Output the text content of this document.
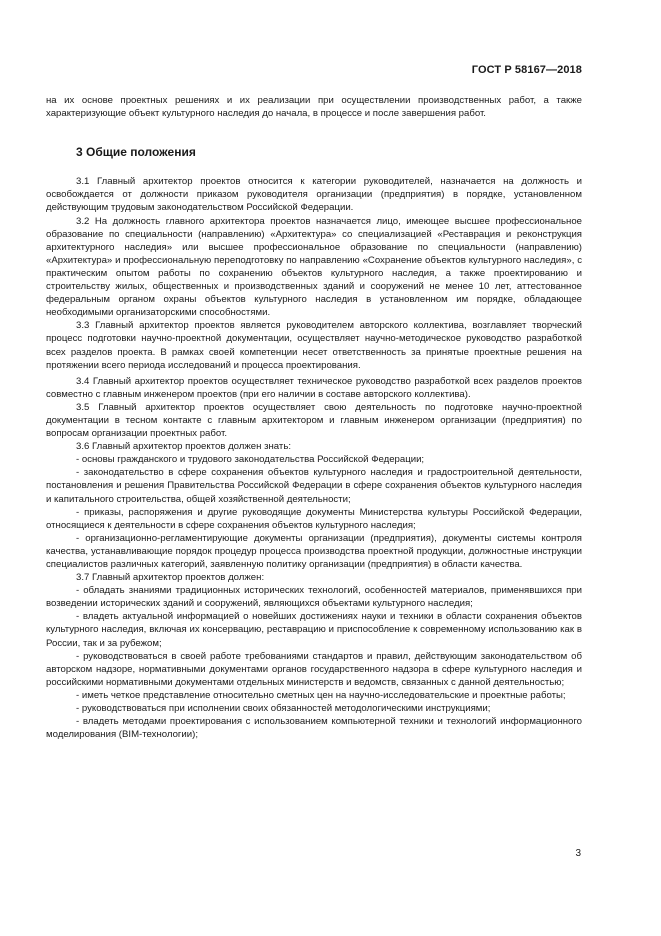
ГОСТ Р 58167—2018

на их основе проектных решениях и их реализации при осуществлении производственных работ, а также характеризующие объект культурного наследия до начала, в процессе и после завершения работ.

3 Общие положения

3.1 Главный архитектор проектов относится к категории руководителей, назначается на должность и освобождается от должности приказом руководителя организации (предприятия) в порядке, установленном действующим трудовым законодательством Российской Федерации.

3.2 На должность главного архитектора проектов назначается лицо, имеющее высшее профессиональное образование по специальности (направлению) «Архитектура» со специализацией «Реставрация и реконструкция архитектурного наследия» или высшее профессиональное образование по специальности (направлению) «Архитектура» и профессиональную переподготовку по направлению «Сохранение объектов культурного наследия», с практическим опытом работы по сохранению объектов культурного наследия, а также проектированию и строительству жилых, общественных и производственных зданий и сооружений не менее 10 лет, аттестованное федеральным органом охраны объектов культурного наследия в установленном им порядке, обладающее необходимыми организаторскими способностями.

3.3 Главный архитектор проектов является руководителем авторского коллектива, возглавляет творческий процесс подготовки научно-проектной документации, осуществляет научно-методическое руководство разработкой всех разделов проекта. В рамках своей компетенции несет ответственность за принятые проектные решения на протяжении всего периода исследований и процесса проектирования.

3.4 Главный архитектор проектов осуществляет техническое руководство разработкой всех разделов проектов совместно с главным инженером проектов (при его наличии в составе авторского коллектива).

3.5 Главный архитектор проектов осуществляет свою деятельность по подготовке научно-проектной документации в тесном контакте с главным архитектором и главным инженером организации (предприятия) по вопросам организации проектных работ.

3.6 Главный архитектор проектов должен знать:

- основы гражданского и трудового законодательства Российской Федерации;

- законодательство в сфере сохранения объектов культурного наследия и градостроительной деятельности, постановления и решения Правительства Российской Федерации в сфере сохранения объектов культурного наследия и капитального строительства, общей хозяйственной деятельности;

- приказы, распоряжения и другие руководящие документы Министерства культуры Российской Федерации, относящиеся к деятельности в сфере сохранения объектов культурного наследия;

- организационно-регламентирующие документы организации (предприятия), документы системы контроля качества, устанавливающие порядок процедур процесса производства проектной продукции, должностные инструкции специалистов различных категорий, заявленную политику организации (предприятия) в области качества.

3.7 Главный архитектор проектов должен:

- обладать знаниями традиционных исторических технологий, особенностей материалов, применявшихся при возведении исторических зданий и сооружений, являющихся объектами культурного наследия;

- владеть актуальной информацией о новейших достижениях науки и техники в области сохранения объектов культурного наследия, включая их консервацию, реставрацию и приспособление к современному использованию как в России, так и за рубежом;

- руководствоваться в своей работе требованиями стандартов и правил, действующим законодательством об авторском надзоре, нормативными документами органов государственного надзора в сфере культурного наследия и российскими нормативными документами отдельных министерств и ведомств, связанных с данной деятельностью;

- иметь четкое представление относительно сметных цен на научно-исследовательские и проектные работы;

- руководствоваться при исполнении своих обязанностей методологическими инструкциями;

- владеть методами проектирования с использованием компьютерной техники и технологий информационного моделирования (BIM-технологии);

3
